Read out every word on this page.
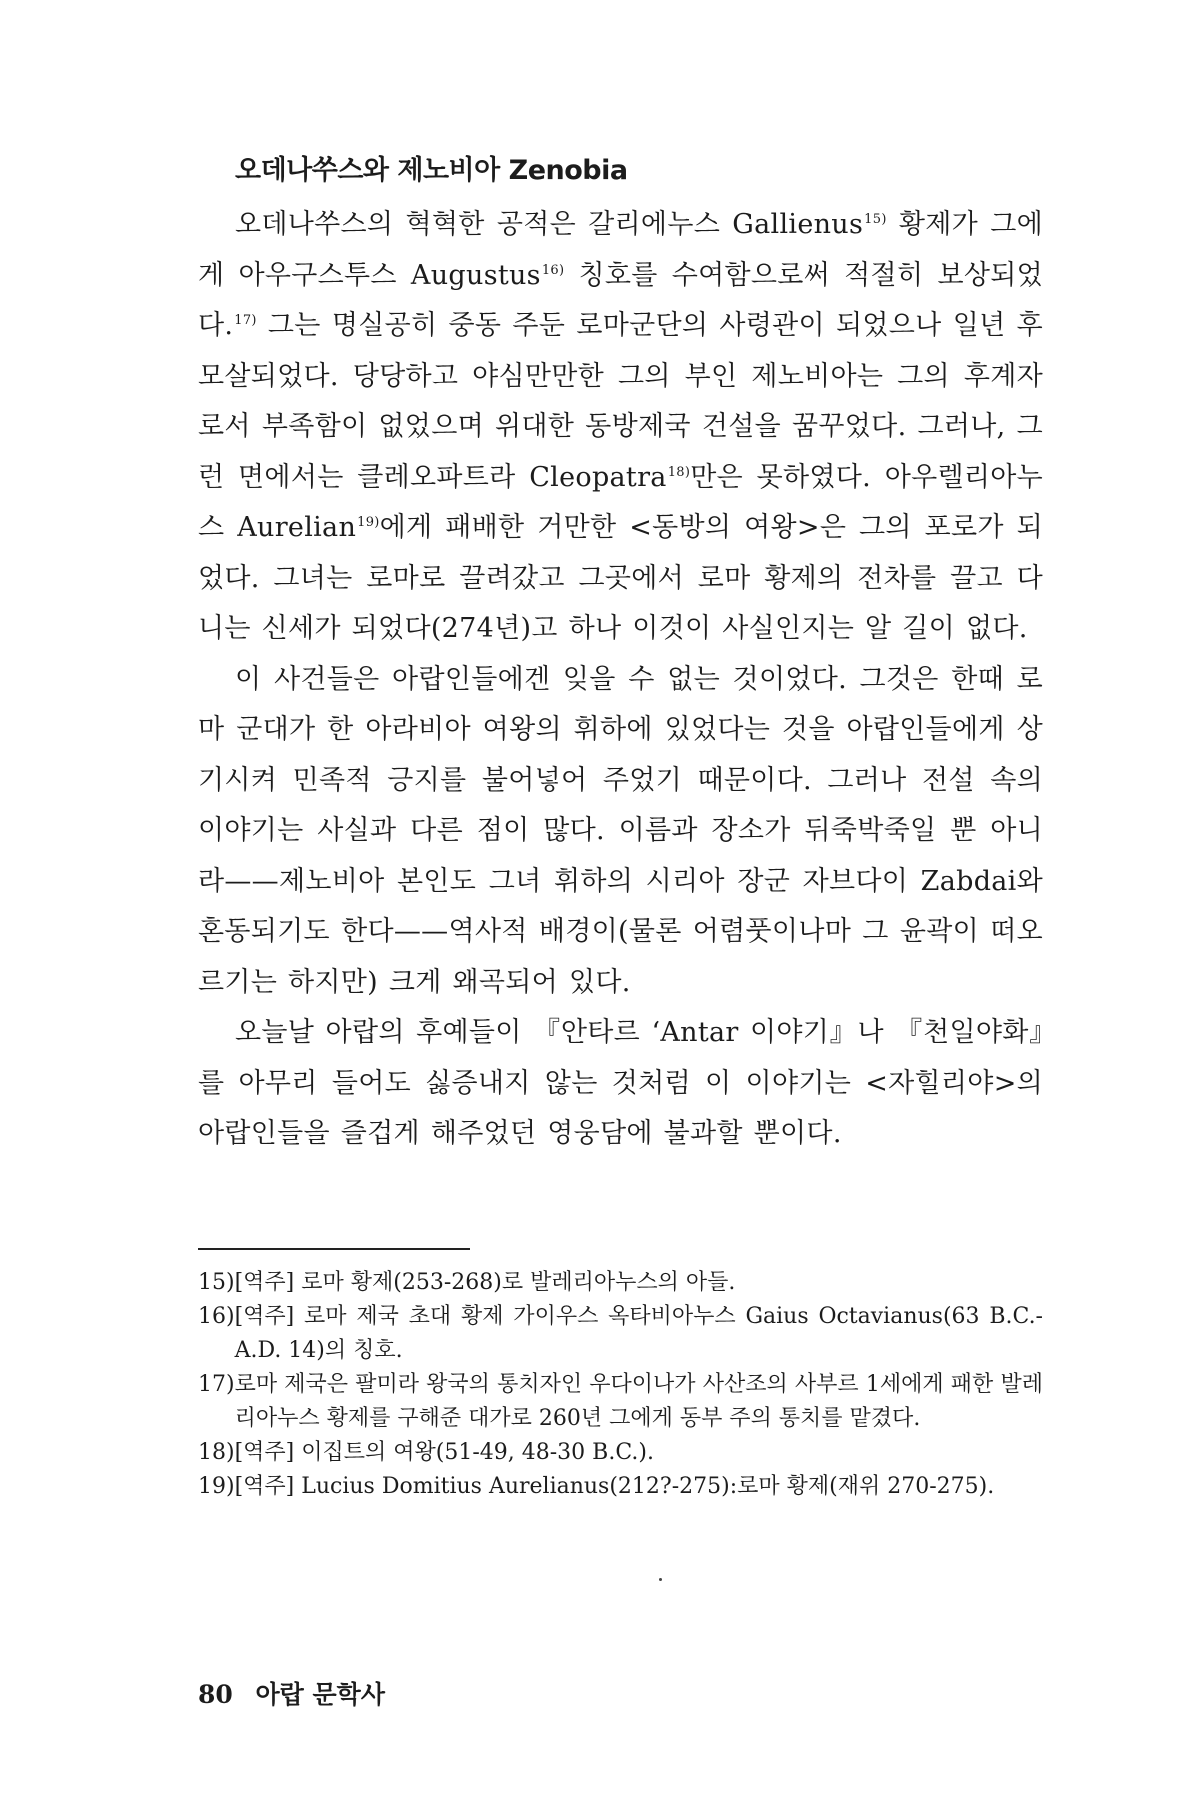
오데나쑤스와 제노비아 Zenobia

오데나쑤스의 혁혁한 공적은 갈리에누스 Gallienus$^{15)}$ 황제가 그에게 아우구스투스 Augustus$^{16)}$ 칭호를 수여함으로써 적절히 보상되었다.$^{17)}$ 그는 명실공히 중동 주둔 로마군단의 사령관이 되었으나 일년 후 모살되었다. 당당하고 야심만만한 그의 부인 제노비아는 그의 후계자로서 부족함이 없었으며 위대한 동방제국 건설을 꿈꾸었다. 그러나, 그런 면에서는 클레오파트라 Cleopatra$^{18)}$만은 못하였다. 아우렐리아누스 Aurelian$^{19)}$에게 패배한 거만한 <동방의 여왕>은 그의 포로가 되었다. 그녀는 로마로 끌려갔고 그곳에서 로마 황제의 전차를 끌고 다니는 신세가 되었다(274년)고 하나 이것이 사실인지는 알 길이 없다.

이 사건들은 아랍인들에겐 잊을 수 없는 것이었다. 그것은 한때 로마 군대가 한 아라비아 여왕의 휘하에 있었다는 것을 아랍인들에게 상기시켜 민족적 긍지를 불어넣어 주었기 때문이다. 그러나 전설 속의 이야기는 사실과 다른 점이 많다. 이름과 장소가 뒤죽박죽일 뿐 아니라——제노비아 본인도 그녀 휘하의 시리아 장군 자브다이 Zabdai와 혼동되기도 한다——역사적 배경이(물론 어렴풋이나마 그 윤곽이 떠오르기는 하지만) 크게 왜곡되어 있다.

오늘날 아랍의 후예들이 『안타르 ‘Antar 이야기』나 『천일야화』를 아무리 들어도 싫증내지 않는 것처럼 이 이야기는 <자힐리야>의 아랍인들을 즐겁게 해주었던 영웅담에 불과할 뿐이다.

15) [역주] 로마 황제(253-268)로 발레리아누스의 아들.
16) [역주] 로마 제국 초대 황제 가이우스 옥타비아누스 Gaius Octavianus(63 B.C.-A.D. 14)의 칭호.
17) 로마 제국은 팔미라 왕국의 통치자인 우다이나가 사산조의 사부르 1세에게 패한 발레리아누스 황제를 구해준 대가로 260년 그에게 동부 주의 통치를 맡겼다.
18) [역주] 이집트의 여왕(51-49, 48-30 B.C.).
19) [역주] Lucius Domitius Aurelianus(212?-275):로마 황제(재위 270-275).
80 아랍 문학사
